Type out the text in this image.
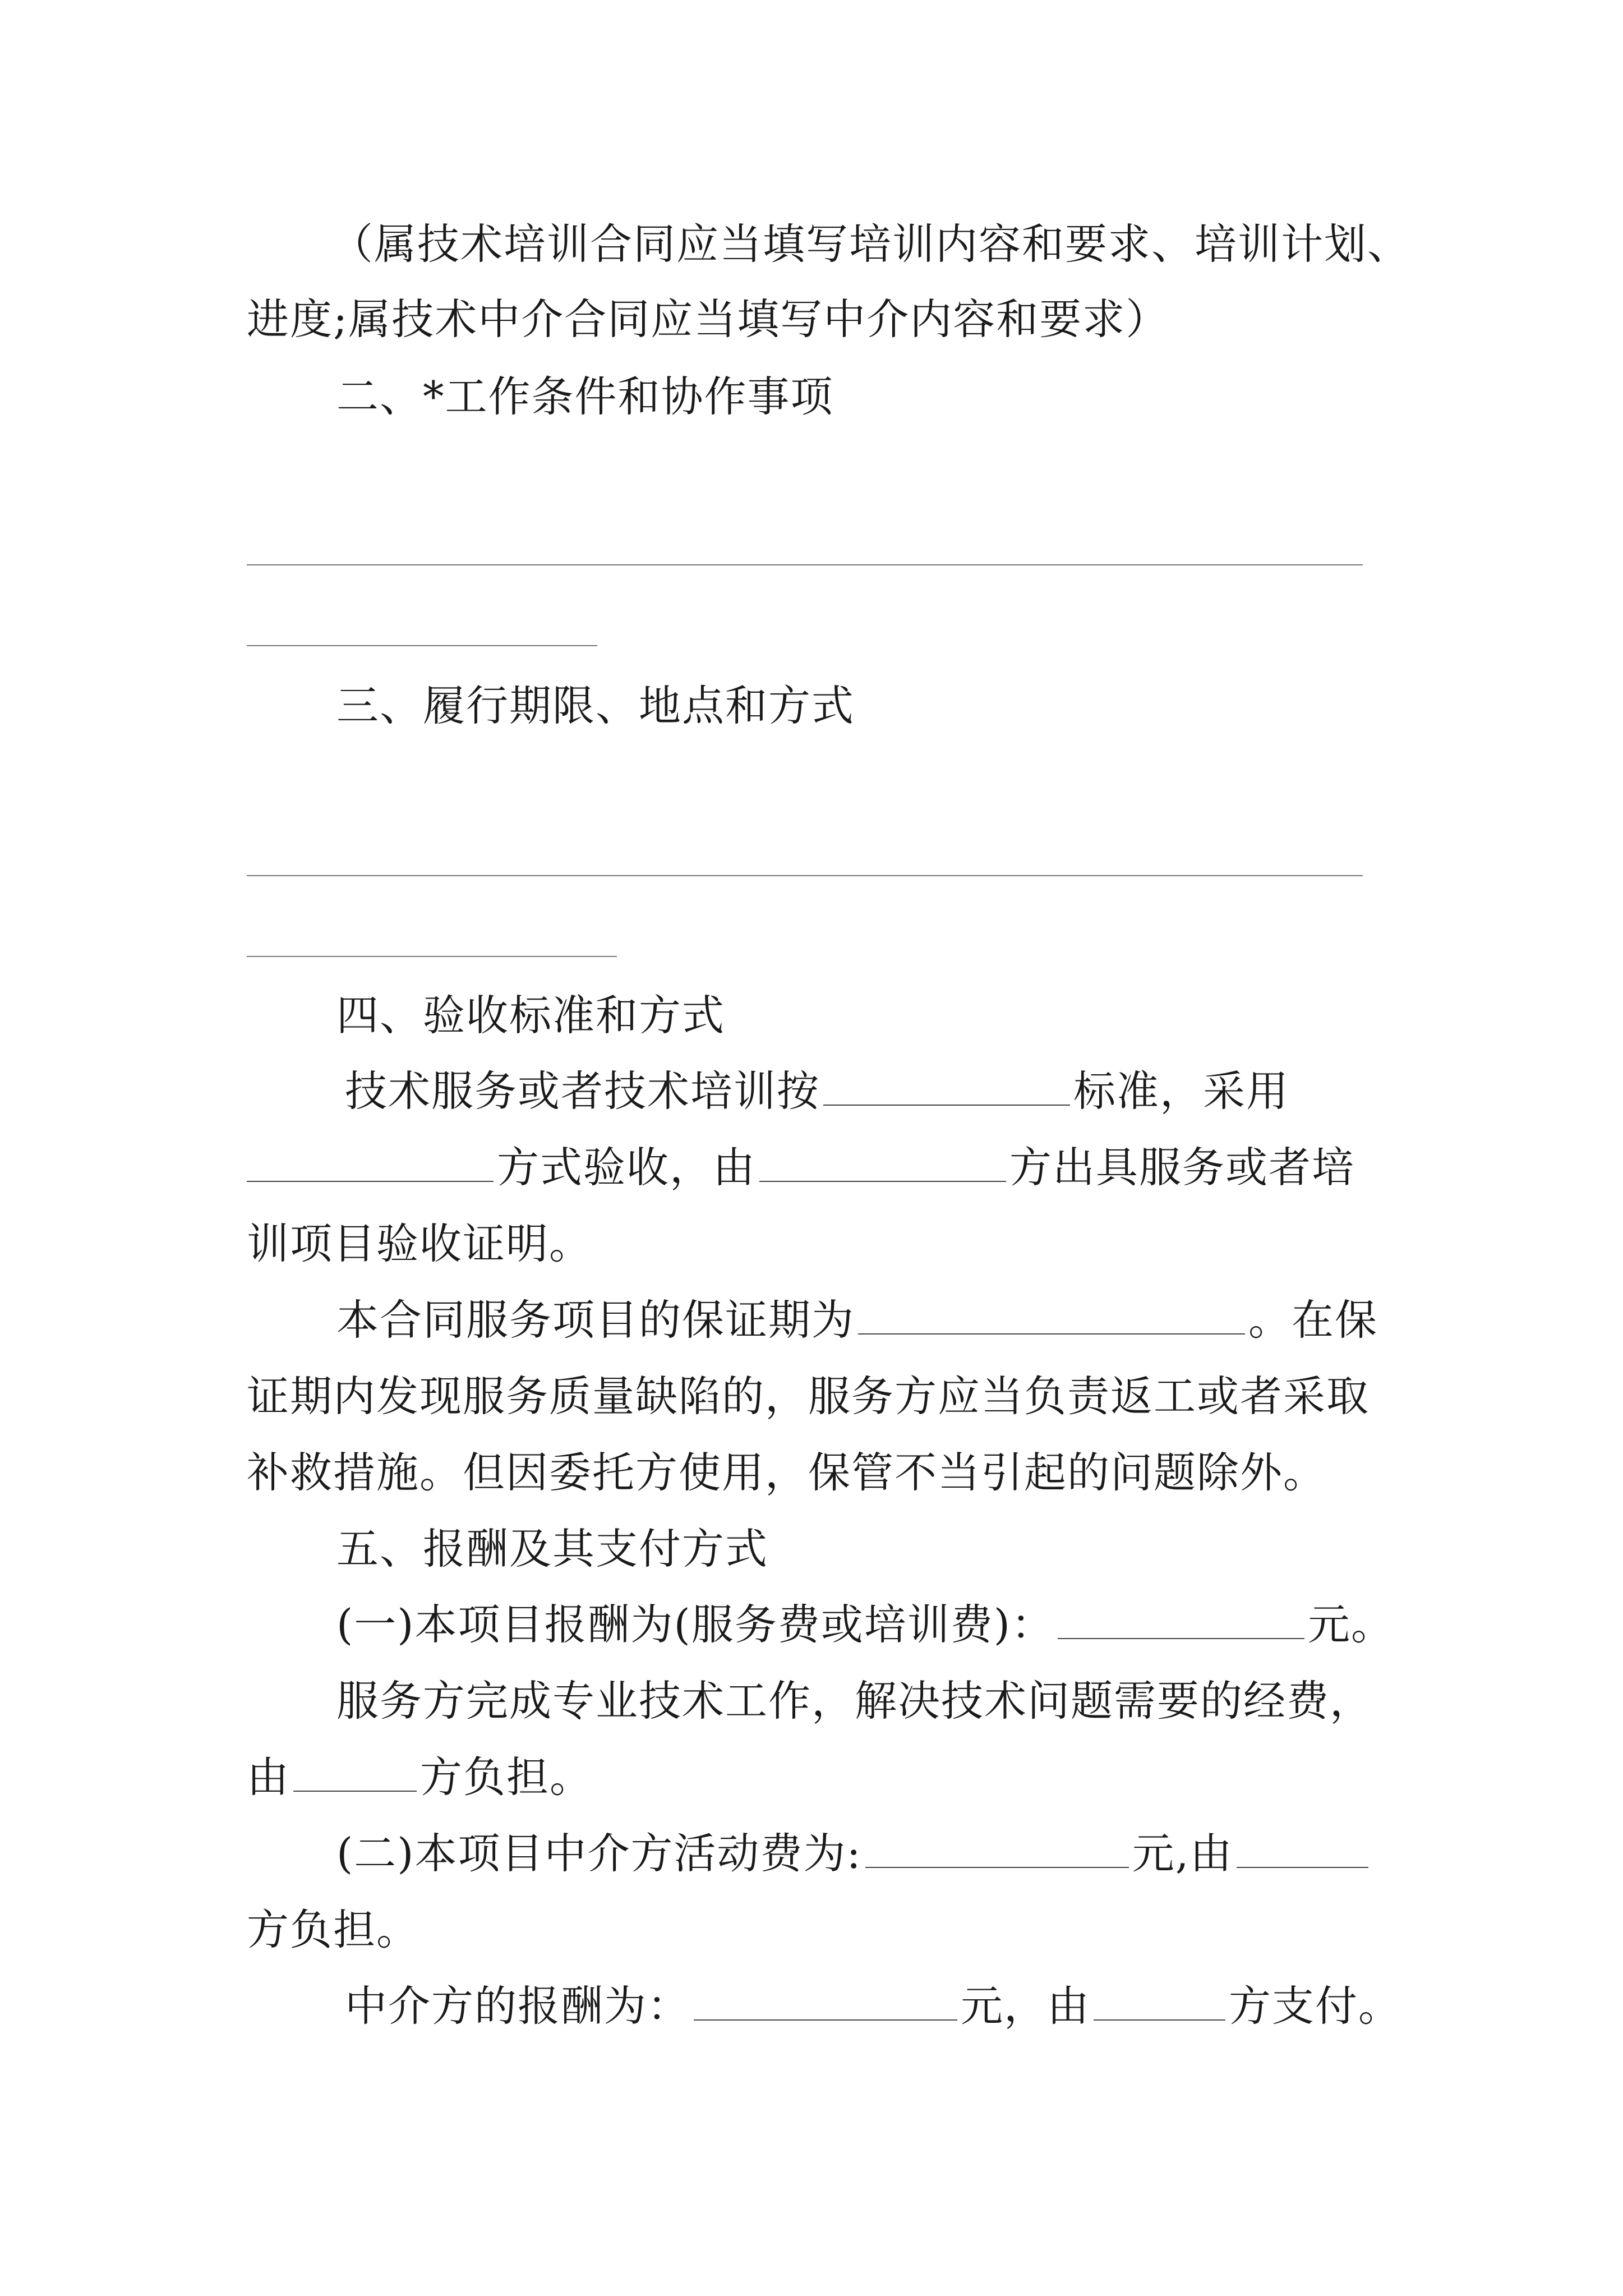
（属技术培训合同应当填写培训内容和要求、培训计划、
进度;属技术中介合同应当填写中介内容和要求）
二、*工作条件和协作事项
三、履行期限、地点和方式
四、验收标准和方式
技术服务或者技术培训按	标准，采用
方式验收，由	方出具服务或者培
训项目验收证明。
本合同服务项目的保证期为	。在保
证期内发现服务质量缺陷的，服务方应当负责返工或者采取
补救措施。但因委托方使用，保管不当引起的问题除外。
五、报酬及其支付方式
(一)本项目报酬为(服务费或培训费)：	元。
服务方完成专业技术工作，解决技术问题需要的经费，
由	方负担。
(二)本项目中介方活动费为:	元,由
方负担。
中介方的报酬为：	元，由	方支付。
